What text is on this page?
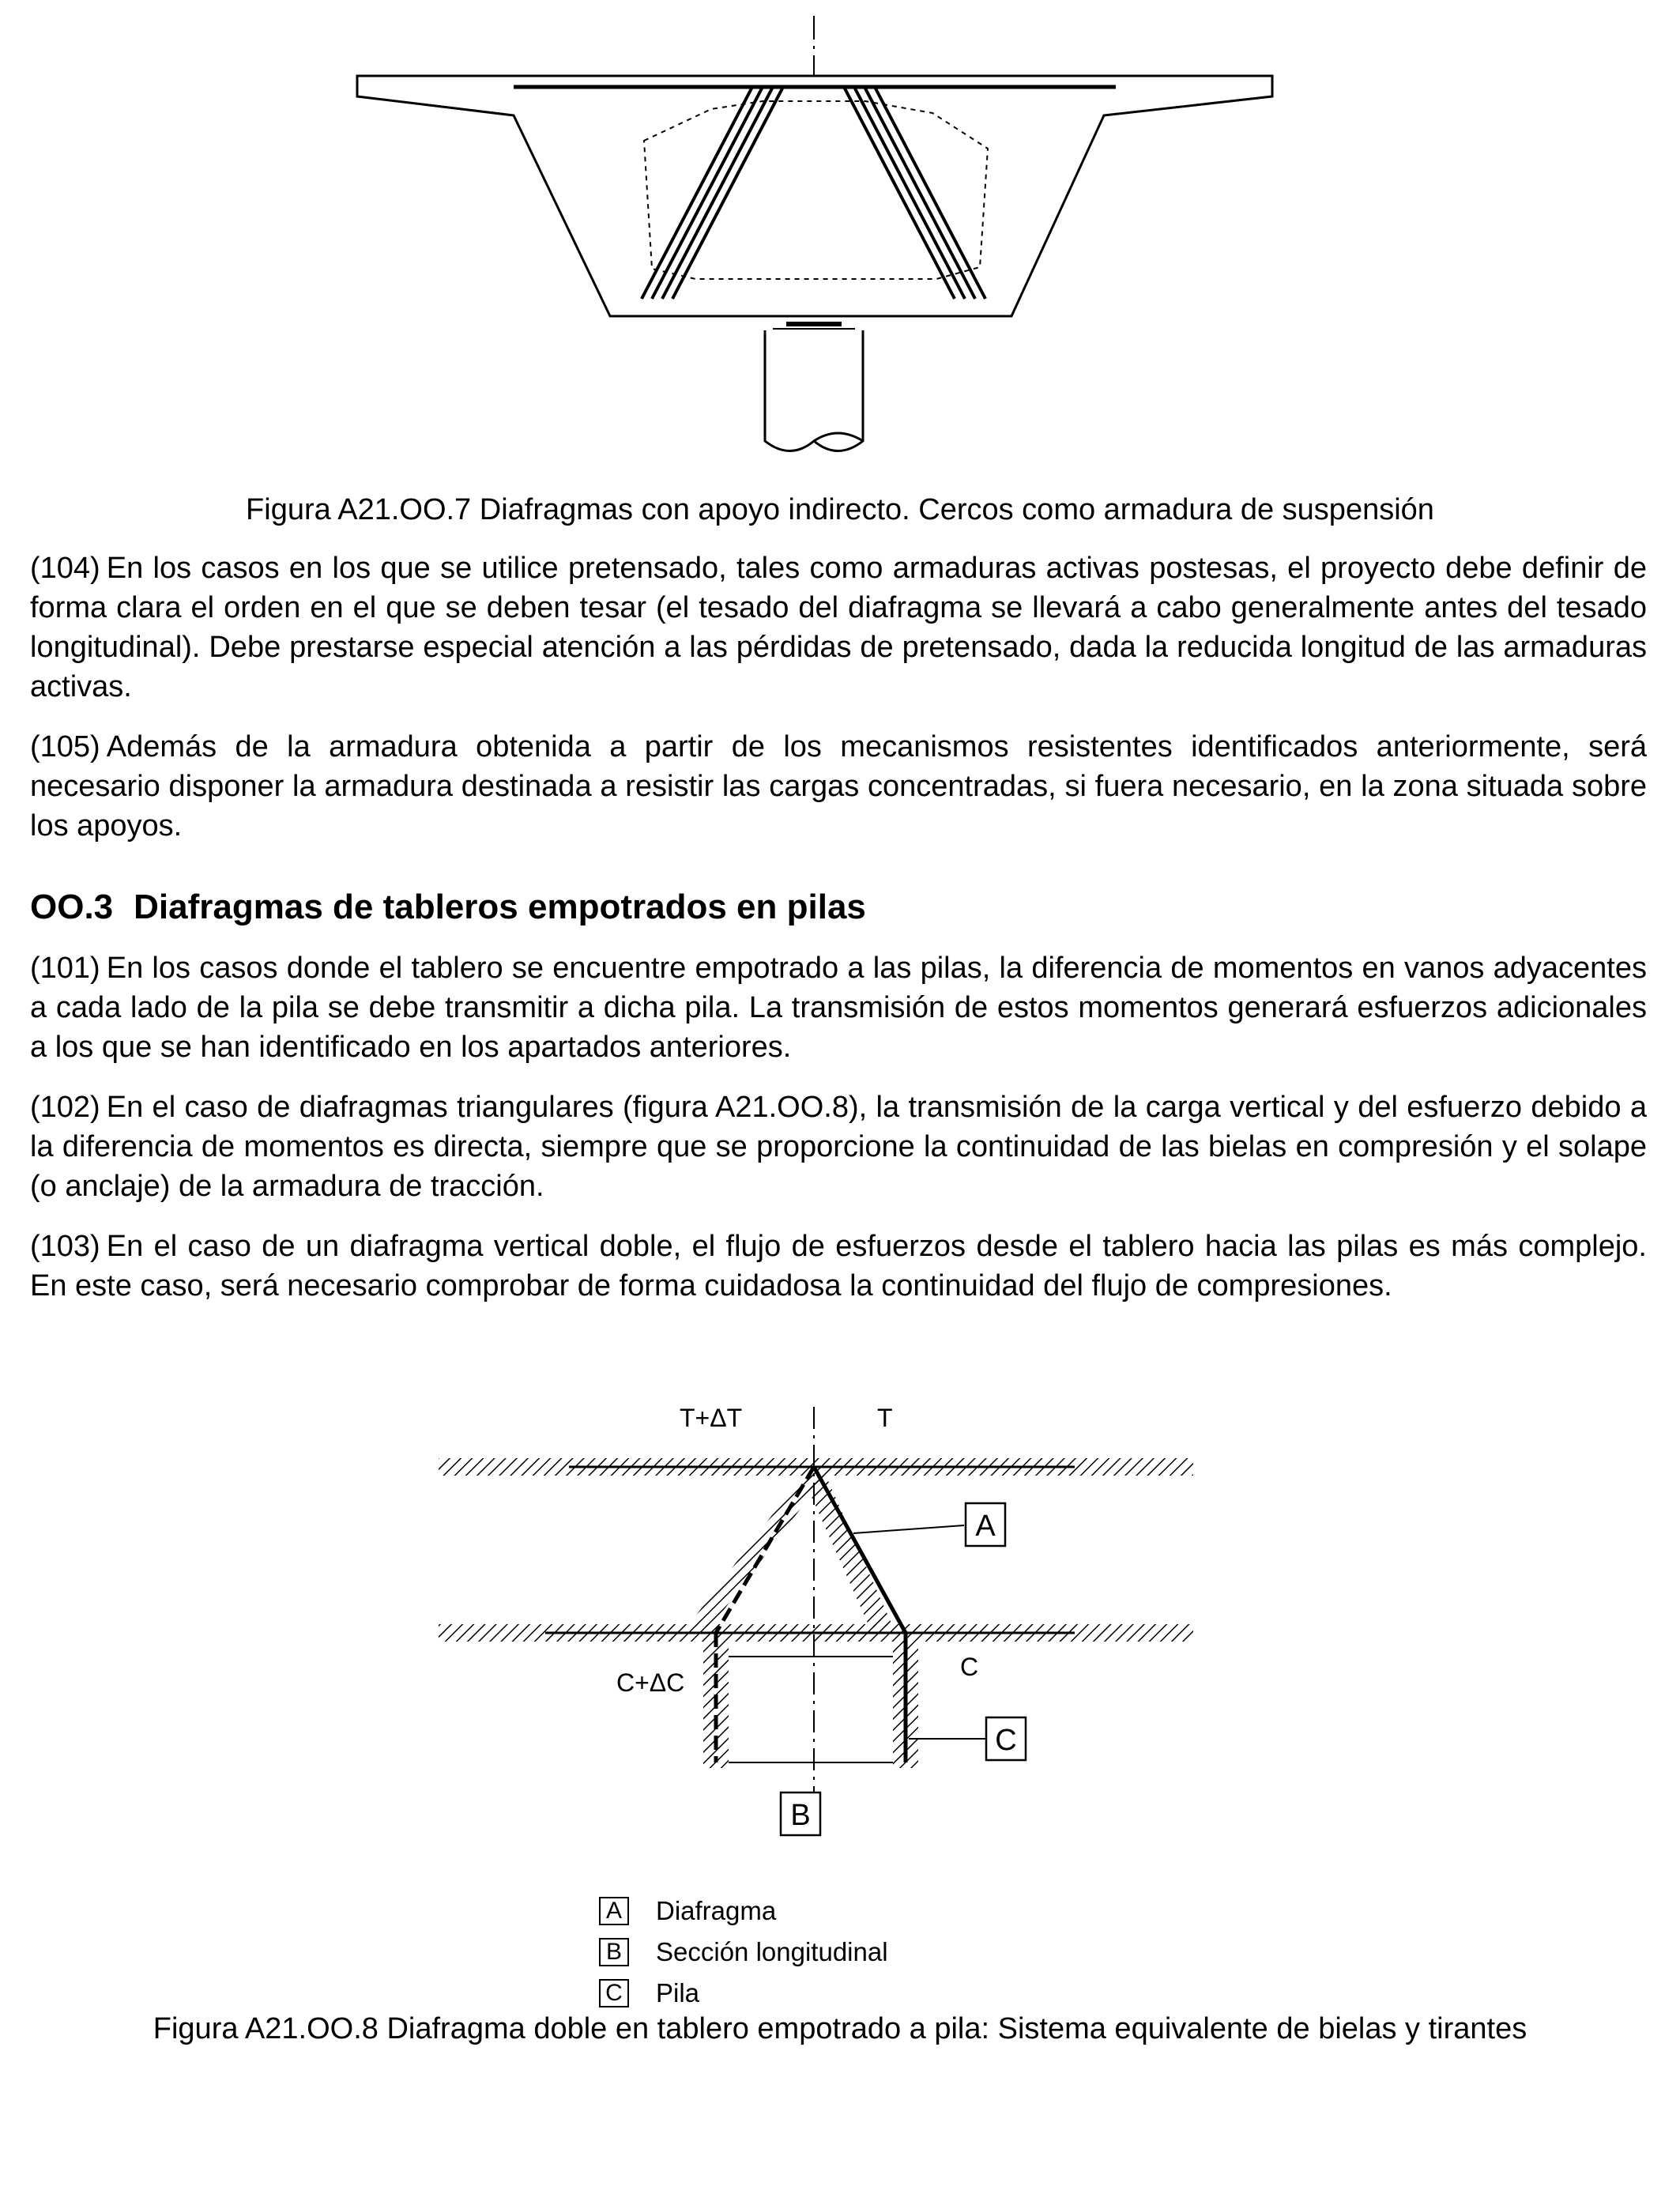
Figura A21.OO.7 Diafragmas con apoyo indirecto. Cercos como armadura de suspensión
(104) En los casos en los que se utilice pretensado, tales como armaduras activas postesas, el proyecto debe definir de forma clara el orden en el que se deben tesar (el tesado del diafragma se llevará a cabo generalmente antes del tesado longitudinal). Debe prestarse especial atención a las pérdidas de pretensado, dada la reducida longitud de las armaduras activas.
(105) Además de la armadura obtenida a partir de los mecanismos resistentes identificados anteriormente, será necesario disponer la armadura destinada a resistir las cargas concentradas, si fuera necesario, en la zona situada sobre los apoyos.
OO.3 Diafragmas de tableros empotrados en pilas
(101) En los casos donde el tablero se encuentre empotrado a las pilas, la diferencia de momentos en vanos adyacentes a cada lado de la pila se debe transmitir a dicha pila. La transmisión de estos momentos generará esfuerzos adicionales a los que se han identificado en los apartados anteriores.
(102) En el caso de diafragmas triangulares (figura A21.OO.8), la transmisión de la carga vertical y del esfuerzo debido a la diferencia de momentos es directa, siempre que se proporcione la continuidad de las bielas en compresión y el solape (o anclaje) de la armadura de tracción.
(103) En el caso de un diafragma vertical doble, el flujo de esfuerzos desde el tablero hacia las pilas es más complejo. En este caso, será necesario comprobar de forma cuidadosa la continuidad del flujo de compresiones.
T+ΔT	T
C+ΔC
C
A
C
B
A Diafragma
B Sección longitudinal
C Pila
Figura A21.OO.8 Diafragma doble en tablero empotrado a pila: Sistema equivalente de bielas y tirantes
